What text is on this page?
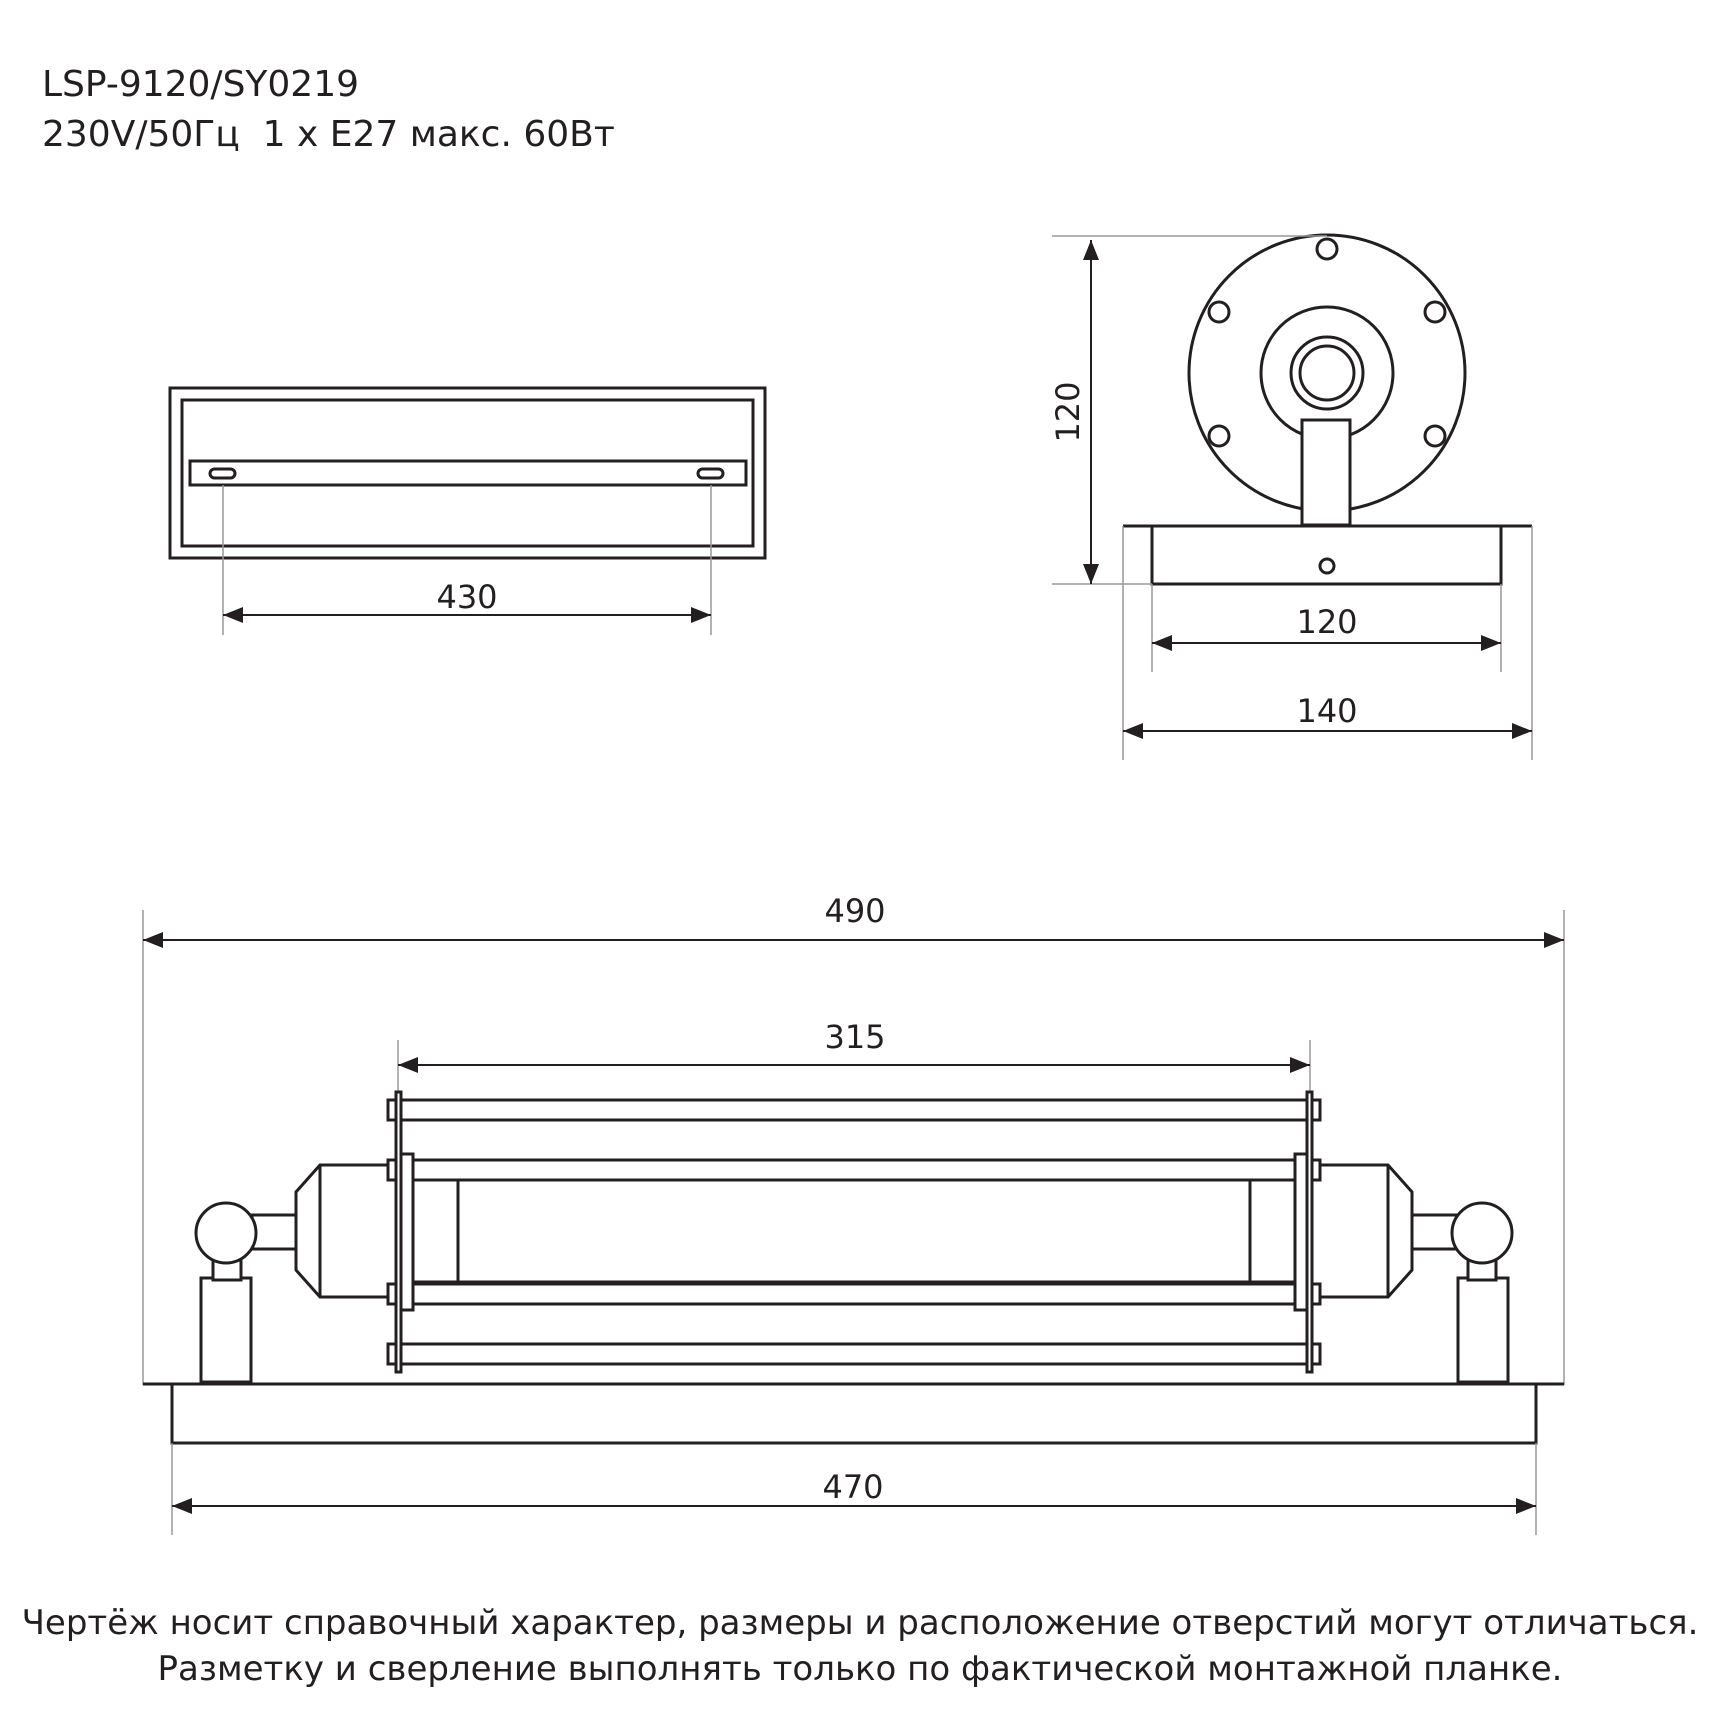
LSP-9120/SY0219
230V/50Гц  1 x E27 макс. 60Вт
430
120
120
140
490
315
470
Чертёж носит справочный характер, размеры и расположение отверстий могут отличаться.
Разметку и сверление выполнять только по фактической монтажной планке.
